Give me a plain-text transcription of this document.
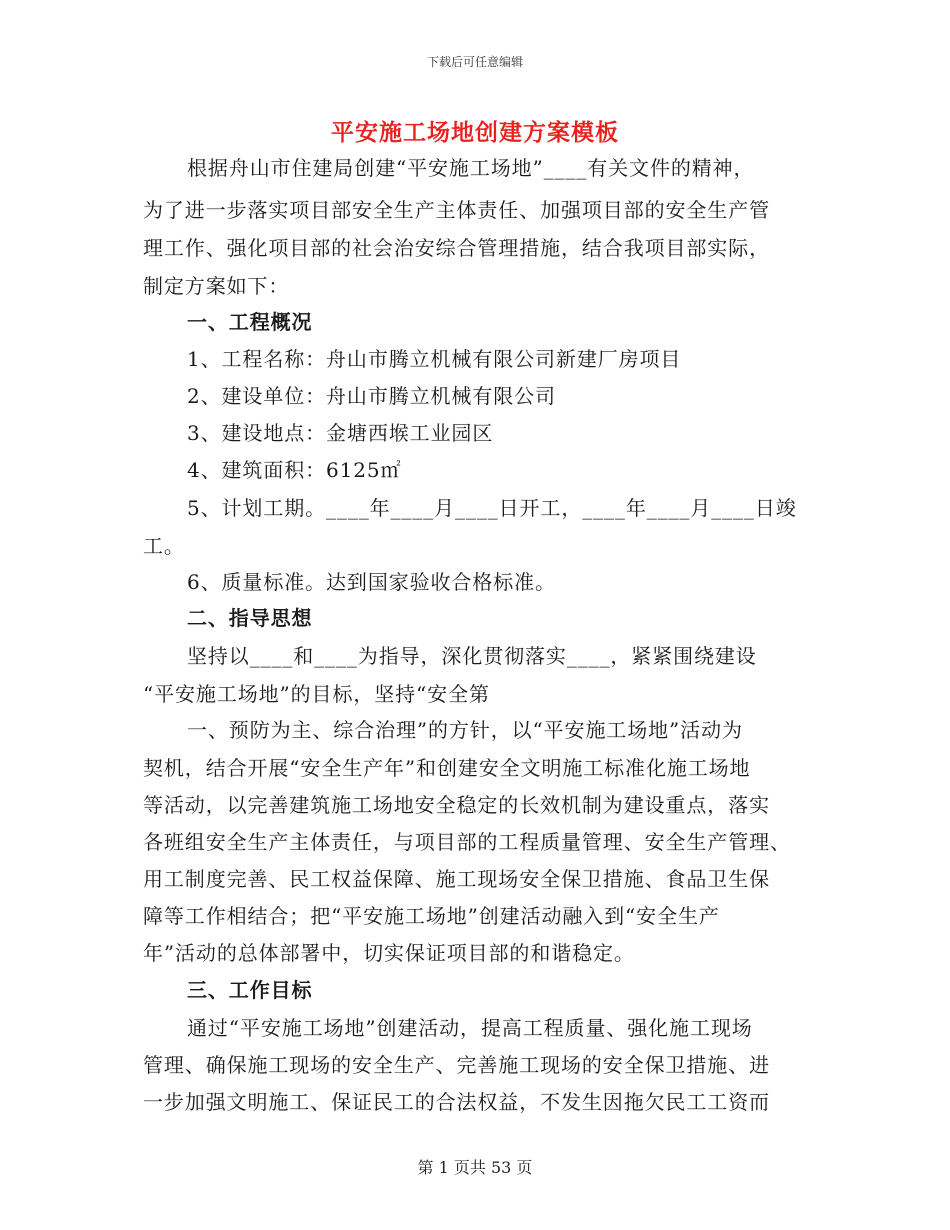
下载后可任意编辑
平安施工场地创建方案模板
根据舟山市住建局创建“平安施工场地”____有关文件的精神，
为了进一步落实项目部安全生产主体责任、加强项目部的安全生产管
理工作、强化项目部的社会治安综合管理措施，结合我项目部实际，
制定方案如下：
一、工程概况
1、工程名称：舟山市腾立机械有限公司新建厂房项目
2、建设单位：舟山市腾立机械有限公司
3、建设地点：金塘西堠工业园区
4、建筑面积：6125㎡
5、计划工期。____年____月____日开工，____年____月____日竣
工。
6、质量标准。达到国家验收合格标准。
二、指导思想
坚持以____和____为指导，深化贯彻落实____，紧紧围绕建设
“平安施工场地”的目标，坚持“安全第
一、预防为主、综合治理”的方针，以“平安施工场地”活动为
契机，结合开展“安全生产年”和创建安全文明施工标准化施工场地
等活动，以完善建筑施工场地安全稳定的长效机制为建设重点，落实
各班组安全生产主体责任，与项目部的工程质量管理、安全生产管理、
用工制度完善、民工权益保障、施工现场安全保卫措施、食品卫生保
障等工作相结合；把“平安施工场地”创建活动融入到“安全生产
年”活动的总体部署中，切实保证项目部的和谐稳定。
三、工作目标
通过“平安施工场地”创建活动，提高工程质量、强化施工现场
管理、确保施工现场的安全生产、完善施工现场的安全保卫措施、进
一步加强文明施工、保证民工的合法权益，不发生因拖欠民工工资而
第 1 页共 53 页
